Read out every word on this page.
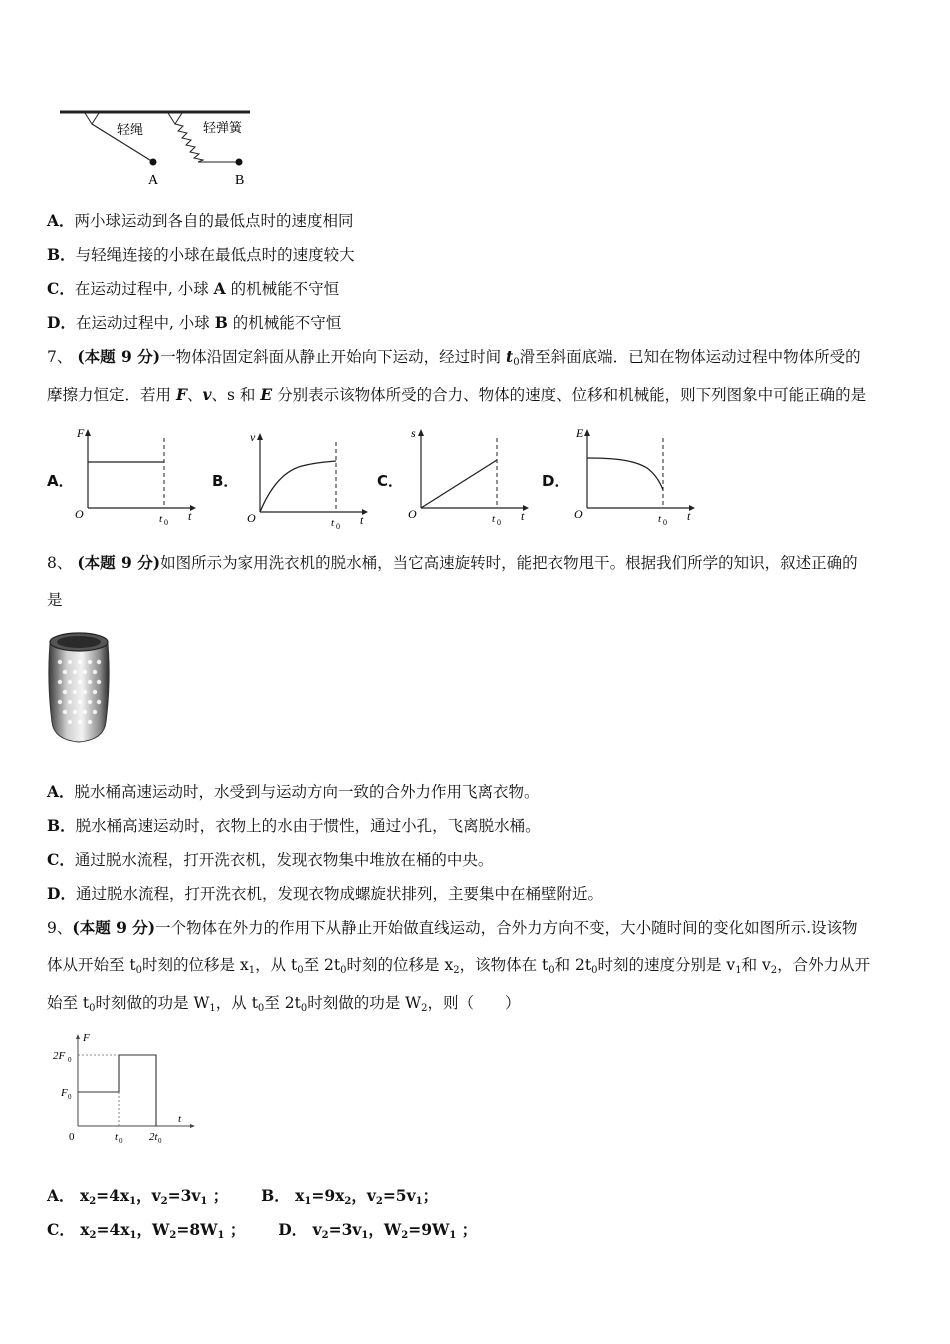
轻绳	轻弹簧
A	B
A．两小球运动到各自的最低点时的速度相同
B．与轻绳连接的小球在最低点时的速度较大
C．在运动过程中, 小球 A 的机械能不守恒
D．在运动过程中, 小球 B 的机械能不守恒
7、 (本题 9 分)一物体沿固定斜面从静止开始向下运动，经过时间 $t_0$滑至斜面底端．已知在物体运动过程中物体所受的
摩擦力恒定．若用 F、v、s 和 E 分别表示该物体所受的合力、物体的速度、位移和机械能，则下列图象中可能正确的是
A．	B．	C．	D．
F
O	t 0 t
v
O	t 0 t
s
O	t 0 t
E
O	t 0 t
8、 (本题 9 分)如图所示为家用洗衣机的脱水桶，当它高速旋转时，能把衣物甩干。根据我们所学的知识，叙述正确的
是
A．脱水桶高速运动时，水受到与运动方向一致的合外力作用飞离衣物。
B．脱水桶高速运动时，衣物上的水由于惯性，通过小孔，飞离脱水桶。
C．通过脱水流程，打开洗衣机，发现衣物集中堆放在桶的中央。
D．通过脱水流程，打开洗衣机，发现衣物成螺旋状排列，主要集中在桶壁附近。
9、(本题 9 分)一个物体在外力的作用下从静止开始做直线运动，合外力方向不变，大小随时间的变化如图所示.设该物
体从开始至 $t_0$时刻的位移是 $x_1$，从 $t_0$至 $2t_0$时刻的位移是 $x_2$，该物体在 $t_0$和 $2t_0$时刻的速度分别是 $v_1$和 $v_2$，合外力从开
始至 $t_0$时刻做的功是 $W_1$，从 $t_0$至 $2t_0$时刻做的功是 $W_2$，则（　　）
F
2F 0
F 0
0	t 0 2t 0
t
A． $x_2=4x_1$，$v_2=3v_1$ ； B． $x_1=9x_2$，$v_2=5v_1$；
C． $x_2=4x_1$，$W_2=8W_1$ ； D． $v_2=3v_1$，$W_2=9W_1$ ；
